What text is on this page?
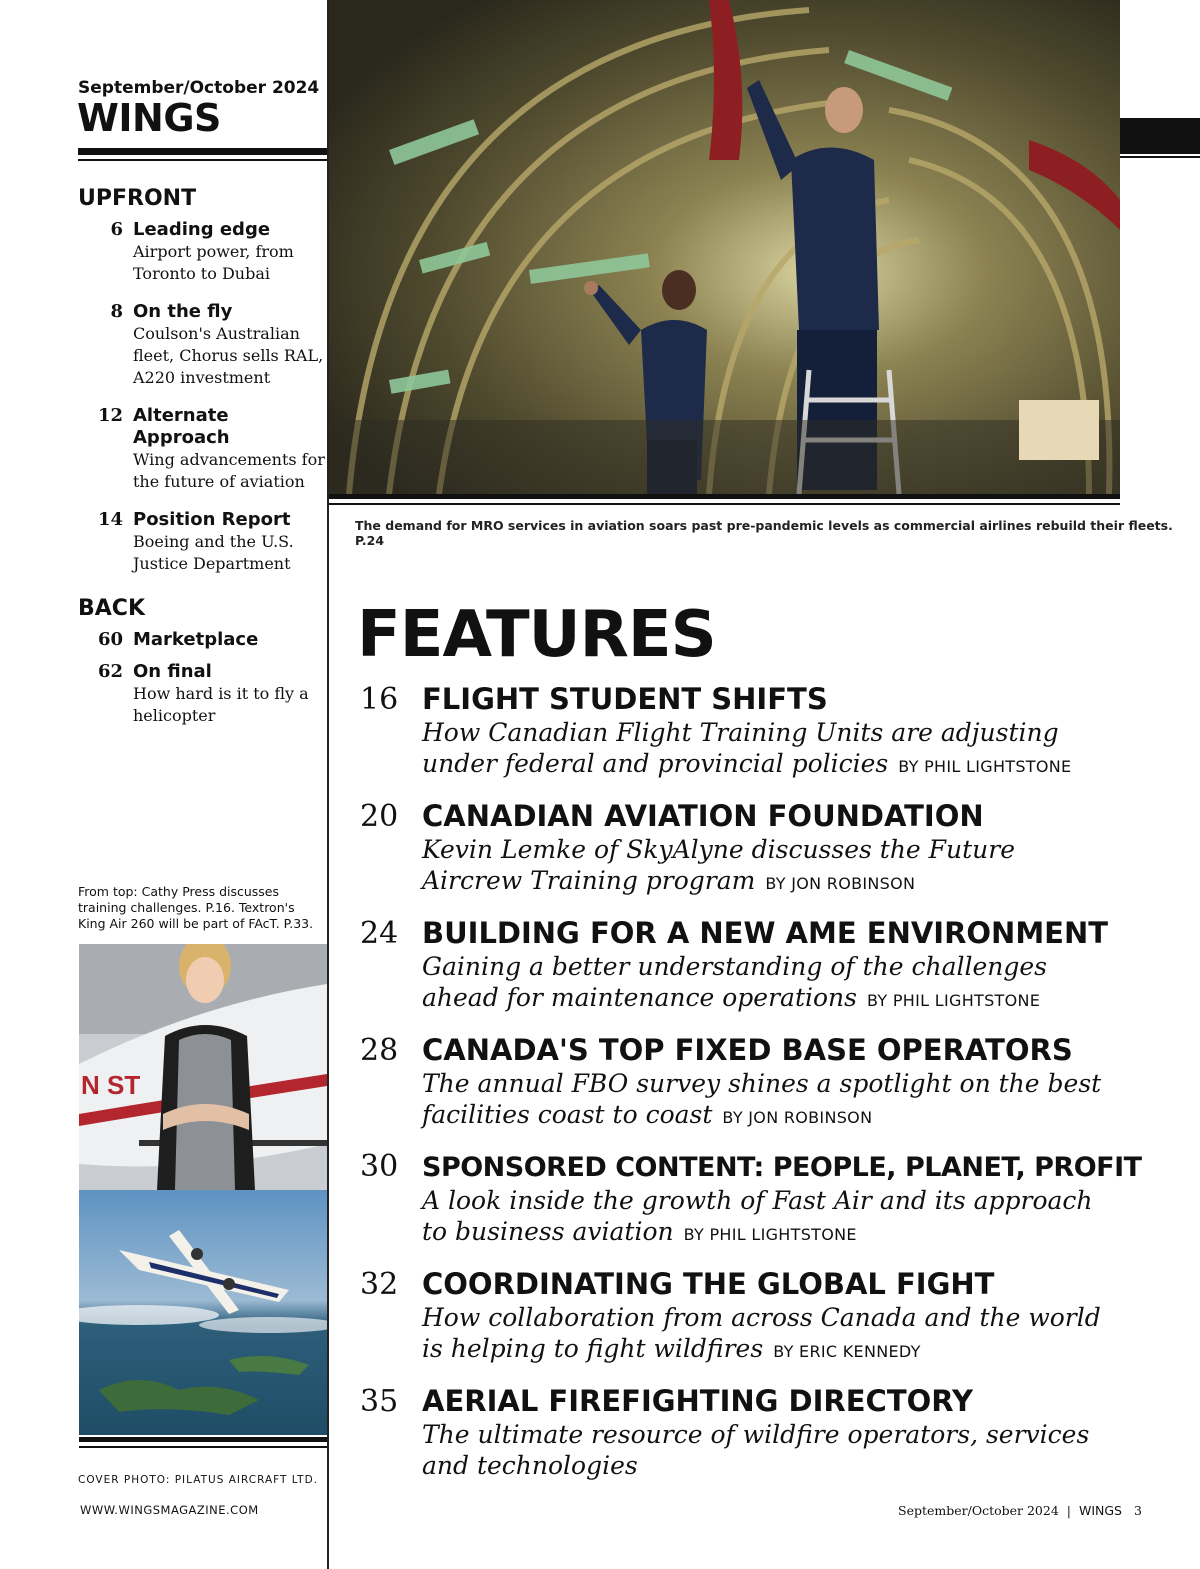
September/October 2024
WINGS
UPFRONT
6 Leading edge
Airport power, from Toronto to Dubai
8 On the fly
Coulson's Australian fleet, Chorus sells RAL, A220 investment
12 Alternate Approach
Wing advancements for the future of aviation
14 Position Report
Boeing and the U.S. Justice Department
BACK
60 Marketplace
62 On final
How hard is it to fly a helicopter
From top: Cathy Press discusses training challenges. P.16. Textron's King Air 260 will be part of FAcT. P.33.
N ST
COVER PHOTO: PILATUS AIRCRAFT LTD.
WWW.WINGSMAGAZINE.COM
The demand for MRO services in aviation soars past pre-pandemic levels as commercial airlines rebuild their fleets. P.24
FEATURES
16 FLIGHT STUDENT SHIFTS
How Canadian Flight Training Units are adjusting under federal and provincial policies BY PHIL LIGHTSTONE
20 CANADIAN AVIATION FOUNDATION
Kevin Lemke of SkyAlyne discusses the Future Aircrew Training program BY JON ROBINSON
24 BUILDING FOR A NEW AME ENVIRONMENT
Gaining a better understanding of the challenges ahead for maintenance operations BY PHIL LIGHTSTONE
28 CANADA'S TOP FIXED BASE OPERATORS
The annual FBO survey shines a spotlight on the best facilities coast to coast BY JON ROBINSON
30 SPONSORED CONTENT: PEOPLE, PLANET, PROFIT
A look inside the growth of Fast Air and its approach to business aviation BY PHIL LIGHTSTONE
32 COORDINATING THE GLOBAL FIGHT
How collaboration from across Canada and the world is helping to fight wildfires BY ERIC KENNEDY
35 AERIAL FIREFIGHTING DIRECTORY
The ultimate resource of wildfire operators, services and technologies
September/October 2024 | WINGS 3
